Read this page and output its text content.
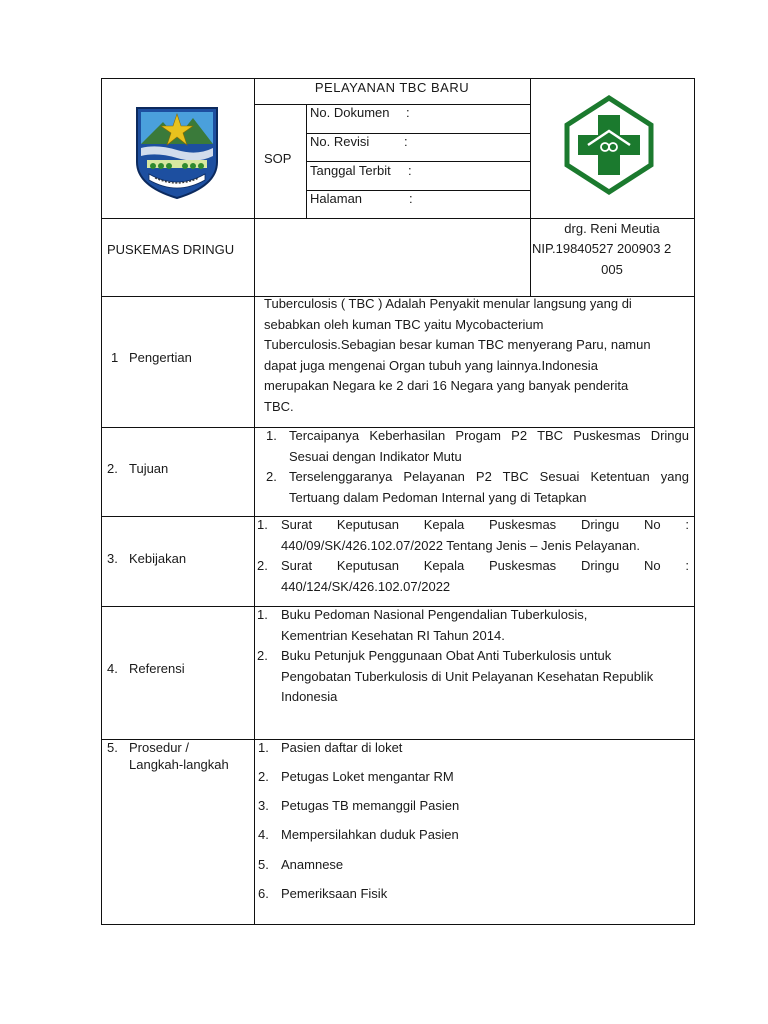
PELAYANAN TBC BARU
SOP
No. Dokumen :
No. Revisi	:
Tanggal Terbit :
Halaman	:
PUSKEMAS DRINGU
drg. Reni Meutia
NIP.19840527 200903 2
005
1 Pengertian
Tuberculosis ( TBC ) Adalah Penyakit menular langsung yang di
sebabkan oleh kuman TBC yaitu Mycobacterium
Tuberculosis.Sebagian besar kuman TBC menyerang Paru, namun
dapat juga mengenai Organ tubuh yang lainnya.Indonesia
merupakan Negara ke 2 dari 16 Negara yang banyak penderita
TBC.
2. Tujuan
1. Tercaipanya Keberhasilan Progam P2 TBC Puskesmas Dringu
Sesuai dengan Indikator Mutu
2. Terselenggaranya Pelayanan P2 TBC Sesuai Ketentuan yang
Tertuang dalam Pedoman Internal yang di Tetapkan
3. Kebijakan
1. Surat Keputusan Kepala Puskesmas Dringu No :
440/09/SK/426.102.07/2022 Tentang Jenis – Jenis Pelayanan.
2. Surat Keputusan Kepala Puskesmas Dringu No :
440/124/SK/426.102.07/2022
4. Referensi
1. Buku Pedoman Nasional Pengendalian Tuberkulosis,
Kementrian Kesehatan RI Tahun 2014.
2. Buku Petunjuk Penggunaan Obat Anti Tuberkulosis untuk
Pengobatan Tuberkulosis di Unit Pelayanan Kesehatan Republik
Indonesia
5. Prosedur /
Langkah-langkah
1. Pasien daftar di loket
2. Petugas Loket mengantar RM
3. Petugas TB memanggil Pasien
4. Mempersilahkan duduk Pasien
5. Anamnese
6. Pemeriksaan Fisik
